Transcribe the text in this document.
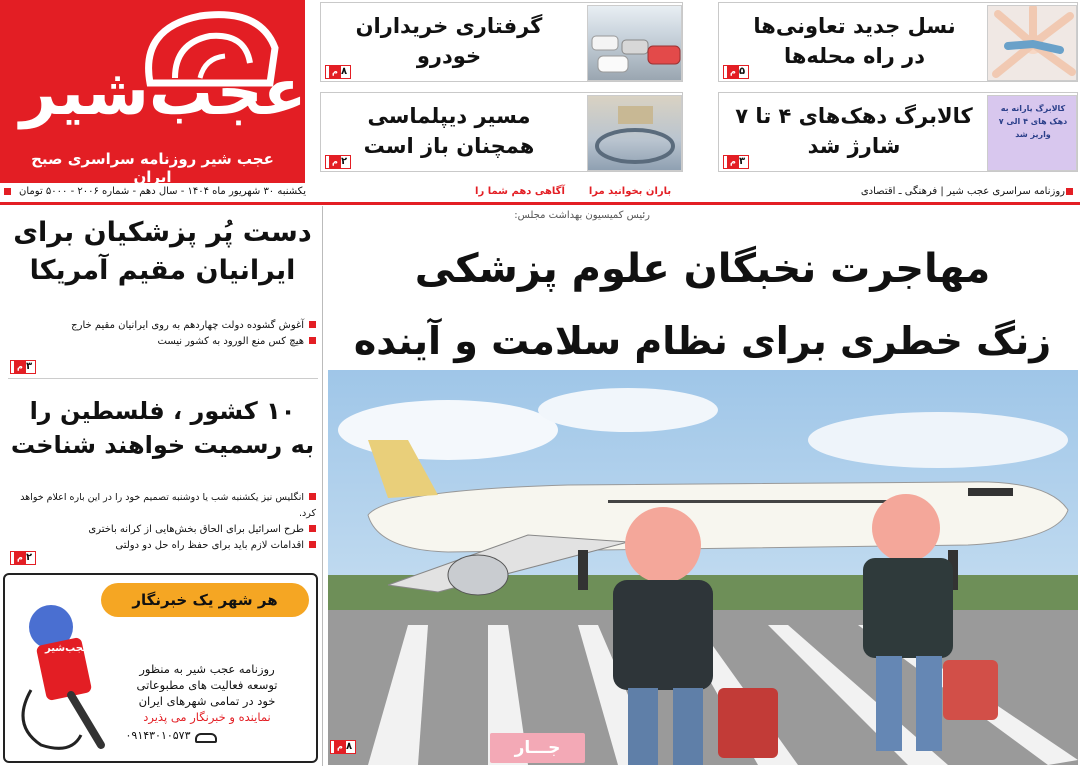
عجب‌شیر
عجب شیر روزنامه سراسری صبح ایران
گرفتاری خریداران
خودرو
م ۸
مسیر دیپلماسی
همچنان باز است
م ۲
نسل جدید تعاونی‌ها
در راه محله‌ها
م ۵
کالابرگ دهک‌های ۴ تا ۷
شارژ شد
کالابرگ یارانه به دهک های ۴ الی ۷ واریز شد
م ۳
یکشنبه ۳۰ شهریور ماه ۱۴۰۴ - سال دهم - شماره ۲۰۰۶ - ۵۰۰۰ تومان	باران بخوانید مرا
آگاهی دهم شما را	روزنامه سراسری عجب شیر | فرهنگی ـ اقتصادی
دست پُر پزشکیان برای
ایرانیان مقیم آمریکا
آغوش گشوده دولت چهاردهم به روی ایرانیان مقیم خارج
هیچ کس منع الورود به کشور نیست
م ۳
۱۰ کشور ، فلسطین را
به رسمیت خواهند شناخت
انگلیس نیز یکشنبه شب یا دوشنبه تصمیم خود را در این باره اعلام خواهد کرد.
طرح اسرائیل برای الحاق بخش‌هایی از کرانه باختری
اقدامات لازم باید برای حفظ راه حل دو دولتی
م ۲
هر شهر یک خبرنگار
عجب‌شیر
روزنامه عجب شیر به منظور
توسعه فعالیت های مطبوعاتی
خود در تمامی شهرهای ایران
نماینده و خبرنگار می پذیرد
۰۹۱۴۳۰۱۰۵۷۳
رئیس کمیسیون بهداشت مجلس:
مهاجرت نخبگان علوم پزشکی
زنگ خطری برای نظام سلامت و آینده
جـــار
م ۸
